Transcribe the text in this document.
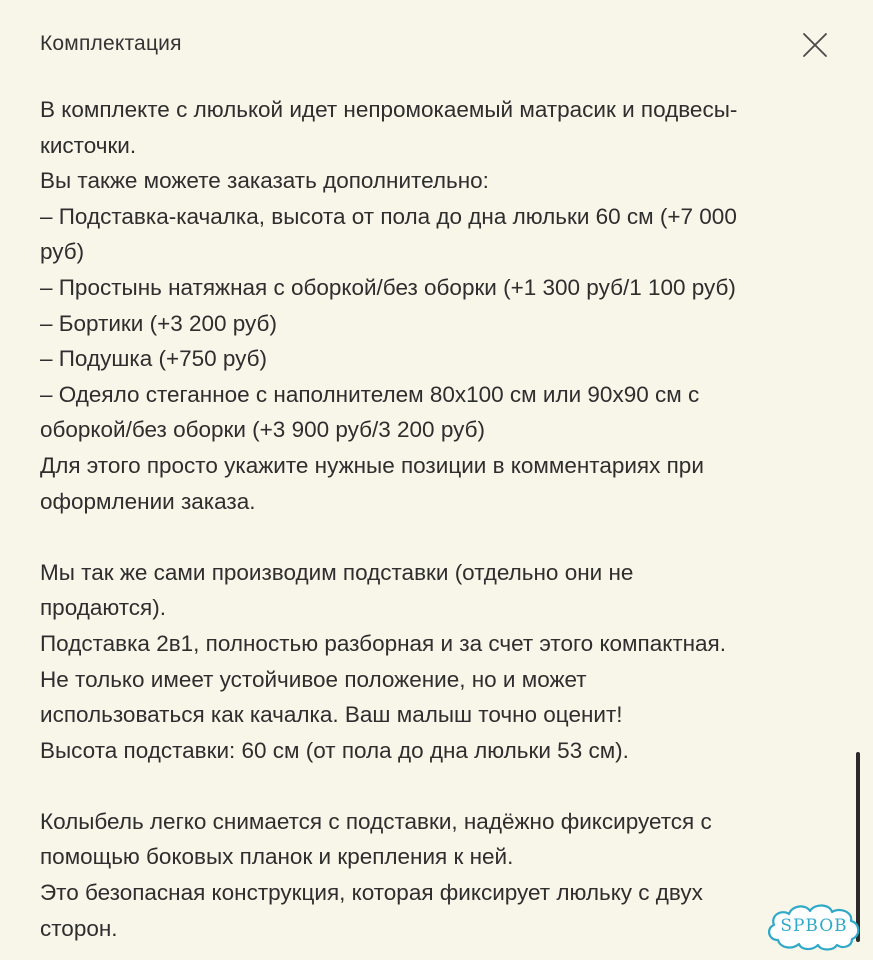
Комплектация
В комплекте с люлькой идет непромокаемый матрасик и подвесы-
кисточки.
Вы также можете заказать дополнительно:
– Подставка-качалка, высота от пола до дна люльки 60 см (+7 000
руб)
– Простынь натяжная с оборкой/без оборки (+1 300 руб/1 100 руб)
– Бортики (+3 200 руб)
– Подушка (+750 руб)
– Одеяло стеганное с наполнителем 80х100 см или 90х90 см с
оборкой/без оборки (+3 900 руб/3 200 руб)
Для этого просто укажите нужные позиции в комментариях при
оформлении заказа.
Мы так же сами производим подставки (отдельно они не
продаются).
Подставка 2в1, полностью разборная и за счет этого компактная.
Не только имеет устойчивое положение, но и может
использоваться как качалка. Ваш малыш точно оценит!
Высота подставки: 60 см (от пола до дна люльки 53 см).
Колыбель легко снимается с подставки, надёжно фиксируется с
помощью боковых планок и крепления к ней.
Это безопасная конструкция, которая фиксирует люльку с двух
сторон.	SPBOB
